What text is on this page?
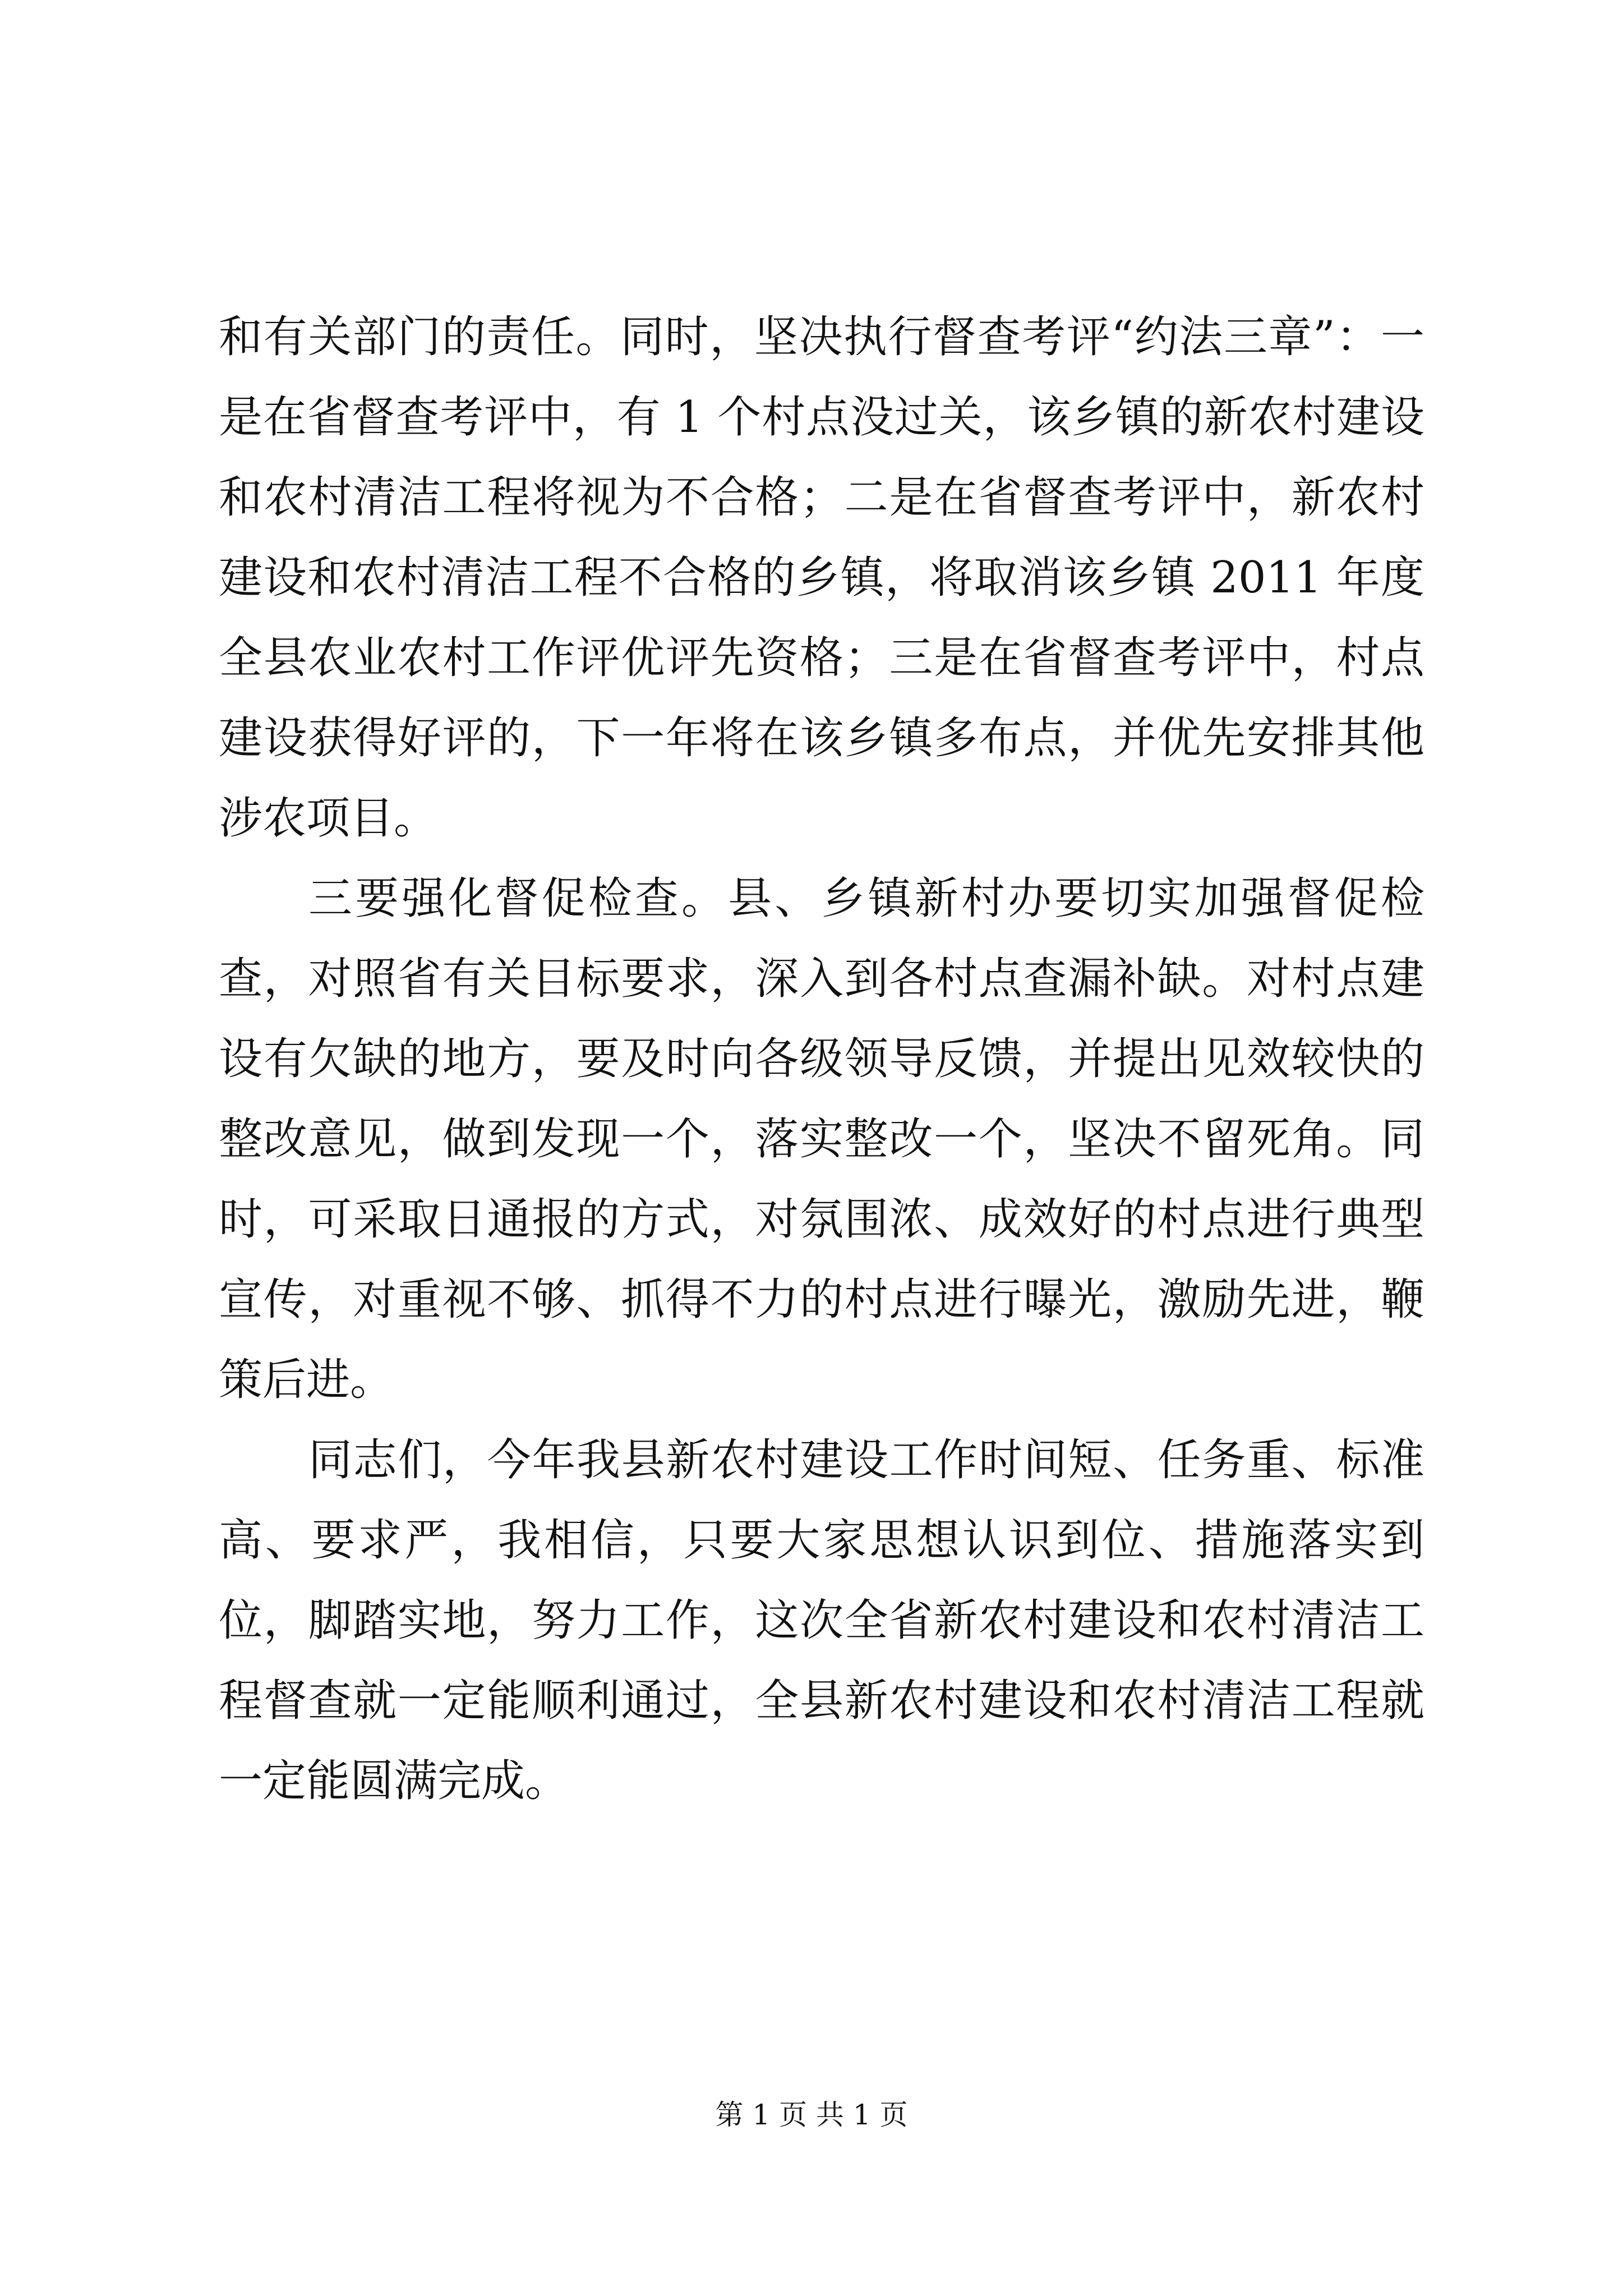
和有关部门的责任。同时，坚决执行督查考评“约法三章”：一是在省督查考评中，有 1 个村点没过关，该乡镇的新农村建设和农村清洁工程将视为不合格；二是在省督查考评中，新农村建设和农村清洁工程不合格的乡镇，将取消该乡镇 2011 年度全县农业农村工作评优评先资格；三是在省督查考评中，村点建设获得好评的，下一年将在该乡镇多布点，并优先安排其他涉农项目。

三要强化督促检查。县、乡镇新村办要切实加强督促检查，对照省有关目标要求，深入到各村点查漏补缺。对村点建设有欠缺的地方，要及时向各级领导反馈，并提出见效较快的整改意见，做到发现一个，落实整改一个，坚决不留死角。同时，可采取日通报的方式，对氛围浓、成效好的村点进行典型宣传，对重视不够、抓得不力的村点进行曝光，激励先进，鞭策后进。

同志们，今年我县新农村建设工作时间短、任务重、标准高、要求严，我相信，只要大家思想认识到位、措施落实到位，脚踏实地，努力工作，这次全省新农村建设和农村清洁工程督查就一定能顺利通过，全县新农村建设和农村清洁工程就一定能圆满完成。

第 1 页 共 1 页
